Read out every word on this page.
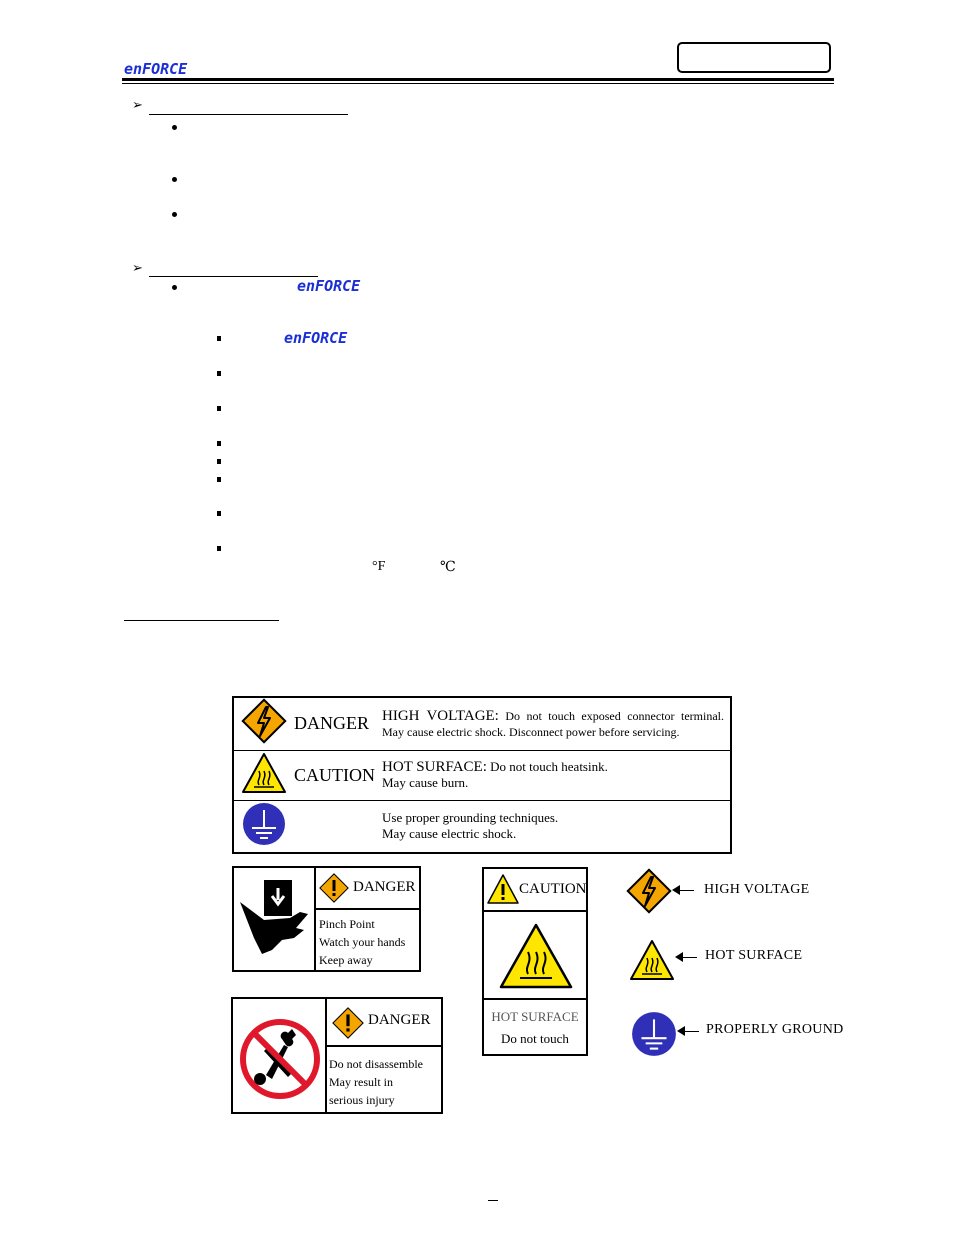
enFORCE
➢
➢
enFORCE
enFORCE
°F	℃
	DANGER	HIGH VOLTAGE: Do not touch exposed connector terminal. May cause electric shock. Disconnect power before servicing.
	CAUTION	HOT SURFACE: Do not touch heatsink.
May cause burn.
		Use proper grounding techniques.
May cause electric shock.
DANGER
Pinch Point
Watch your hands
Keep away
DANGER
Do not disassemble
May result in
serious injury
CAUTION
HOT SURFACE
Do not touch
HIGH VOLTAGE
HOT SURFACE
PROPERLY GROUND
